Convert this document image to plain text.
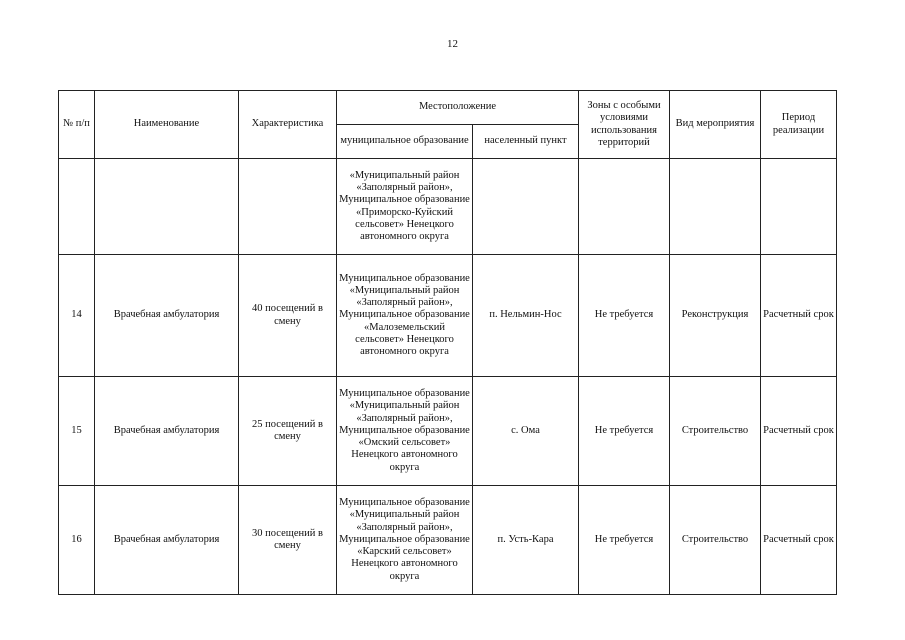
12
№ п/п	Наименование	Характеристика	Местоположение		Зоны с особыми условиями использования территорий	Вид мероприятия	Период реализации
			муниципальное образование	населенный пункт			
			«Муниципальный район «Заполярный район», Муниципальное образование «Приморско-Куйский сельсовет» Ненецкого автономного округа				
14	Врачебная амбулатория	40 посещений в смену	Муниципальное образование «Муниципальный район «Заполярный район», Муниципальное образование «Малоземельский сельсовет» Ненецкого автономного округа	п. Нельмин-Нос	Не требуется	Реконструкция	Расчетный срок
15	Врачебная амбулатория	25 посещений в смену	Муниципальное образование «Муниципальный район «Заполярный район», Муниципальное образование «Омский сельсовет» Ненецкого автономного округа	с. Ома	Не требуется	Строительство	Расчетный срок
16	Врачебная амбулатория	30 посещений в смену	Муниципальное образование «Муниципальный район «Заполярный район», Муниципальное образование «Карский сельсовет» Ненецкого автономного округа	п. Усть-Кара	Не требуется	Строительство	Расчетный срок
